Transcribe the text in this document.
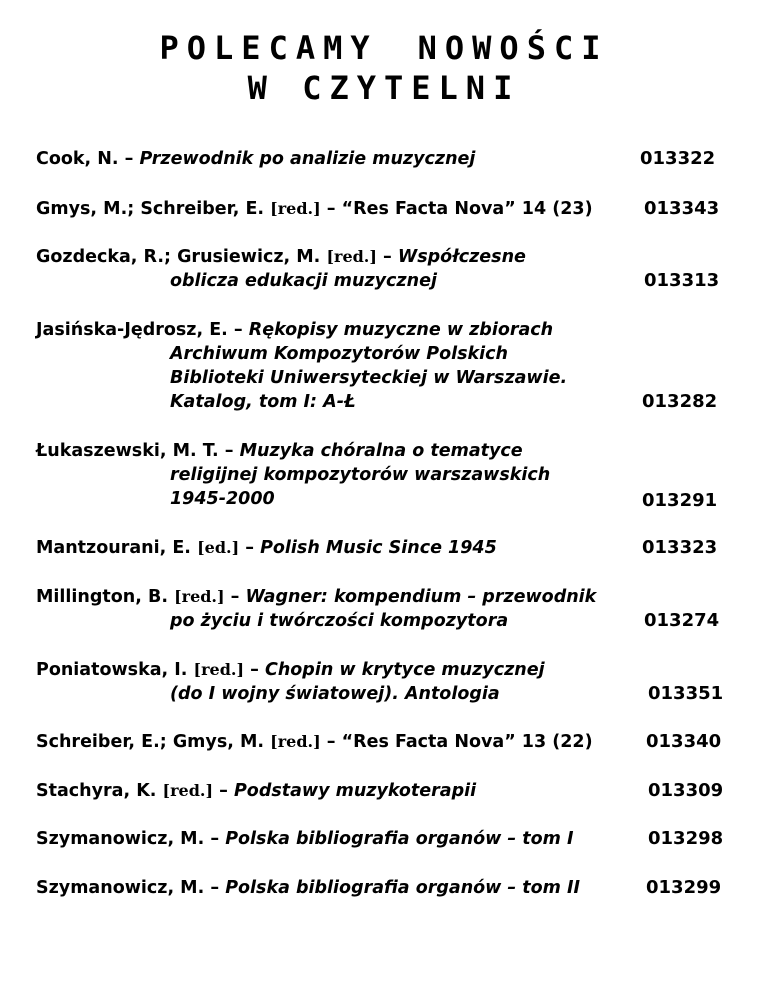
POLECAMY NOWOŚCI
W CZYTELNI
Cook, N. – Przewodnik po analizie muzycznej	013322
Gmys, M.; Schreiber, E. [red.] – “Res Facta Nova” 14 (23)	013343
Gozdecka, R.; Grusiewicz, M. [red.] – Współczesne
oblicza edukacji muzycznej	013313
Jasińska-Jędrosz, E. – Rękopisy muzyczne w zbiorach
Archiwum Kompozytorów Polskich
Biblioteki Uniwersyteckiej w Warszawie.
Katalog, tom I: A-Ł	013282
Łukaszewski, M. T. – Muzyka chóralna o tematyce
religijnej kompozytorów warszawskich
1945-2000	013291
Mantzourani, E. [ed.] – Polish Music Since 1945	013323
Millington, B. [red.] – Wagner: kompendium – przewodnik
po życiu i twórczości kompozytora	013274
Poniatowska, I. [red.] – Chopin w krytyce muzycznej
(do I wojny światowej). Antologia	013351
Schreiber, E.; Gmys, M. [red.] – “Res Facta Nova” 13 (22)	013340
Stachyra, K. [red.] – Podstawy muzykoterapii	013309
Szymanowicz, M. – Polska bibliografia organów – tom I	013298
Szymanowicz, M. – Polska bibliografia organów – tom II	013299
